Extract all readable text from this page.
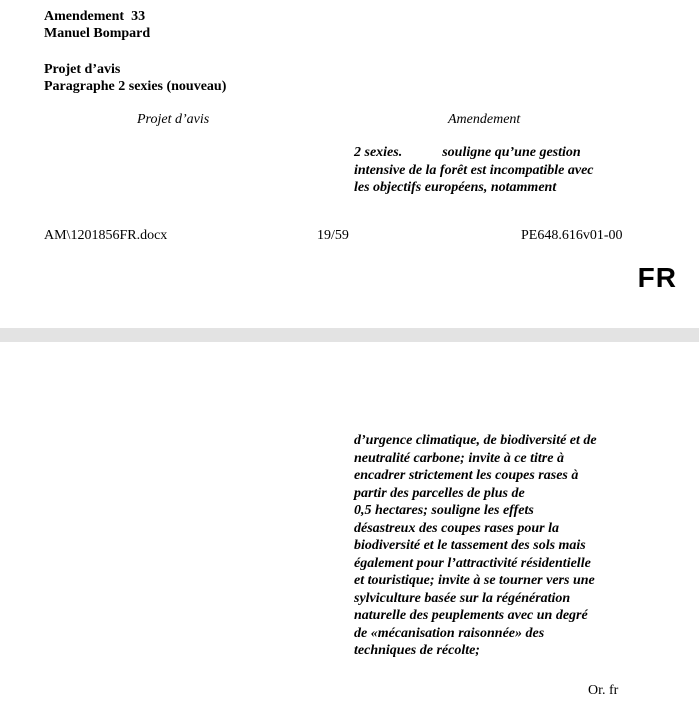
Amendement  33
Manuel Bompard
Projet d’avis
Paragraphe 2 sexies (nouveau)
Projet d’avis	Amendement
2 sexies.	souligne qu’une gestion
intensive de la forêt est incompatible avec
les objectifs européens, notamment
AM\1201856FR.docx	19/59	PE648.616v01-00
FR
d’urgence climatique, de biodiversité et de
neutralité carbone; invite à ce titre à
encadrer strictement les coupes rases à
partir des parcelles de plus de
0,5 hectares; souligne les effets
désastreux des coupes rases pour la
biodiversité et le tassement des sols mais
également pour l’attractivité résidentielle
et touristique; invite à se tourner vers une
sylviculture basée sur la régénération
naturelle des peuplements avec un degré
de «mécanisation raisonnée» des
techniques de récolte;
Or. fr
